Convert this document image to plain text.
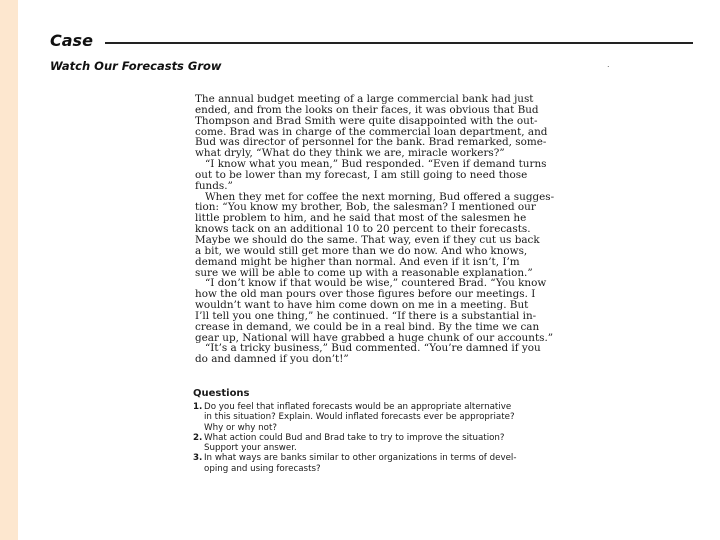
Case
Watch Our Forecasts Grow	.
The annual budget meeting of a large commercial bank had just
ended, and from the looks on their faces, it was obvious that Bud
Thompson and Brad Smith were quite disappointed with the out-
come. Brad was in charge of the commercial loan department, and
Bud was director of personnel for the bank. Brad remarked, some-
what dryly, “What do they think we are, miracle workers?”
“I know what you mean,” Bud responded. “Even if demand turns
out to be lower than my forecast, I am still going to need those
funds.”
When they met for coffee the next morning, Bud offered a sugges-
tion: “You know my brother, Bob, the salesman? I mentioned our
little problem to him, and he said that most of the salesmen he
knows tack on an additional 10 to 20 percent to their forecasts.
Maybe we should do the same. That way, even if they cut us back
a bit, we would still get more than we do now. And who knows,
demand might be higher than normal. And even if it isn’t, I’m
sure we will be able to come up with a reasonable explanation.”
“I don’t know if that would be wise,” countered Brad. “You know
how the old man pours over those figures before our meetings. I
wouldn’t want to have him come down on me in a meeting. But
I’ll tell you one thing,” he continued. “If there is a substantial in-
crease in demand, we could be in a real bind. By the time we can
gear up, National will have grabbed a huge chunk of our accounts.”
“It’s a tricky business,” Bud commented. “You’re damned if you
do and damned if you don’t!”
Questions
1. Do you feel that inflated forecasts would be an appropriate alternative
in this situation? Explain. Would inflated forecasts ever be appropriate?
Why or why not?
2. What action could Bud and Brad take to try to improve the situation?
Support your answer.
3. In what ways are banks similar to other organizations in terms of devel-
oping and using forecasts?
